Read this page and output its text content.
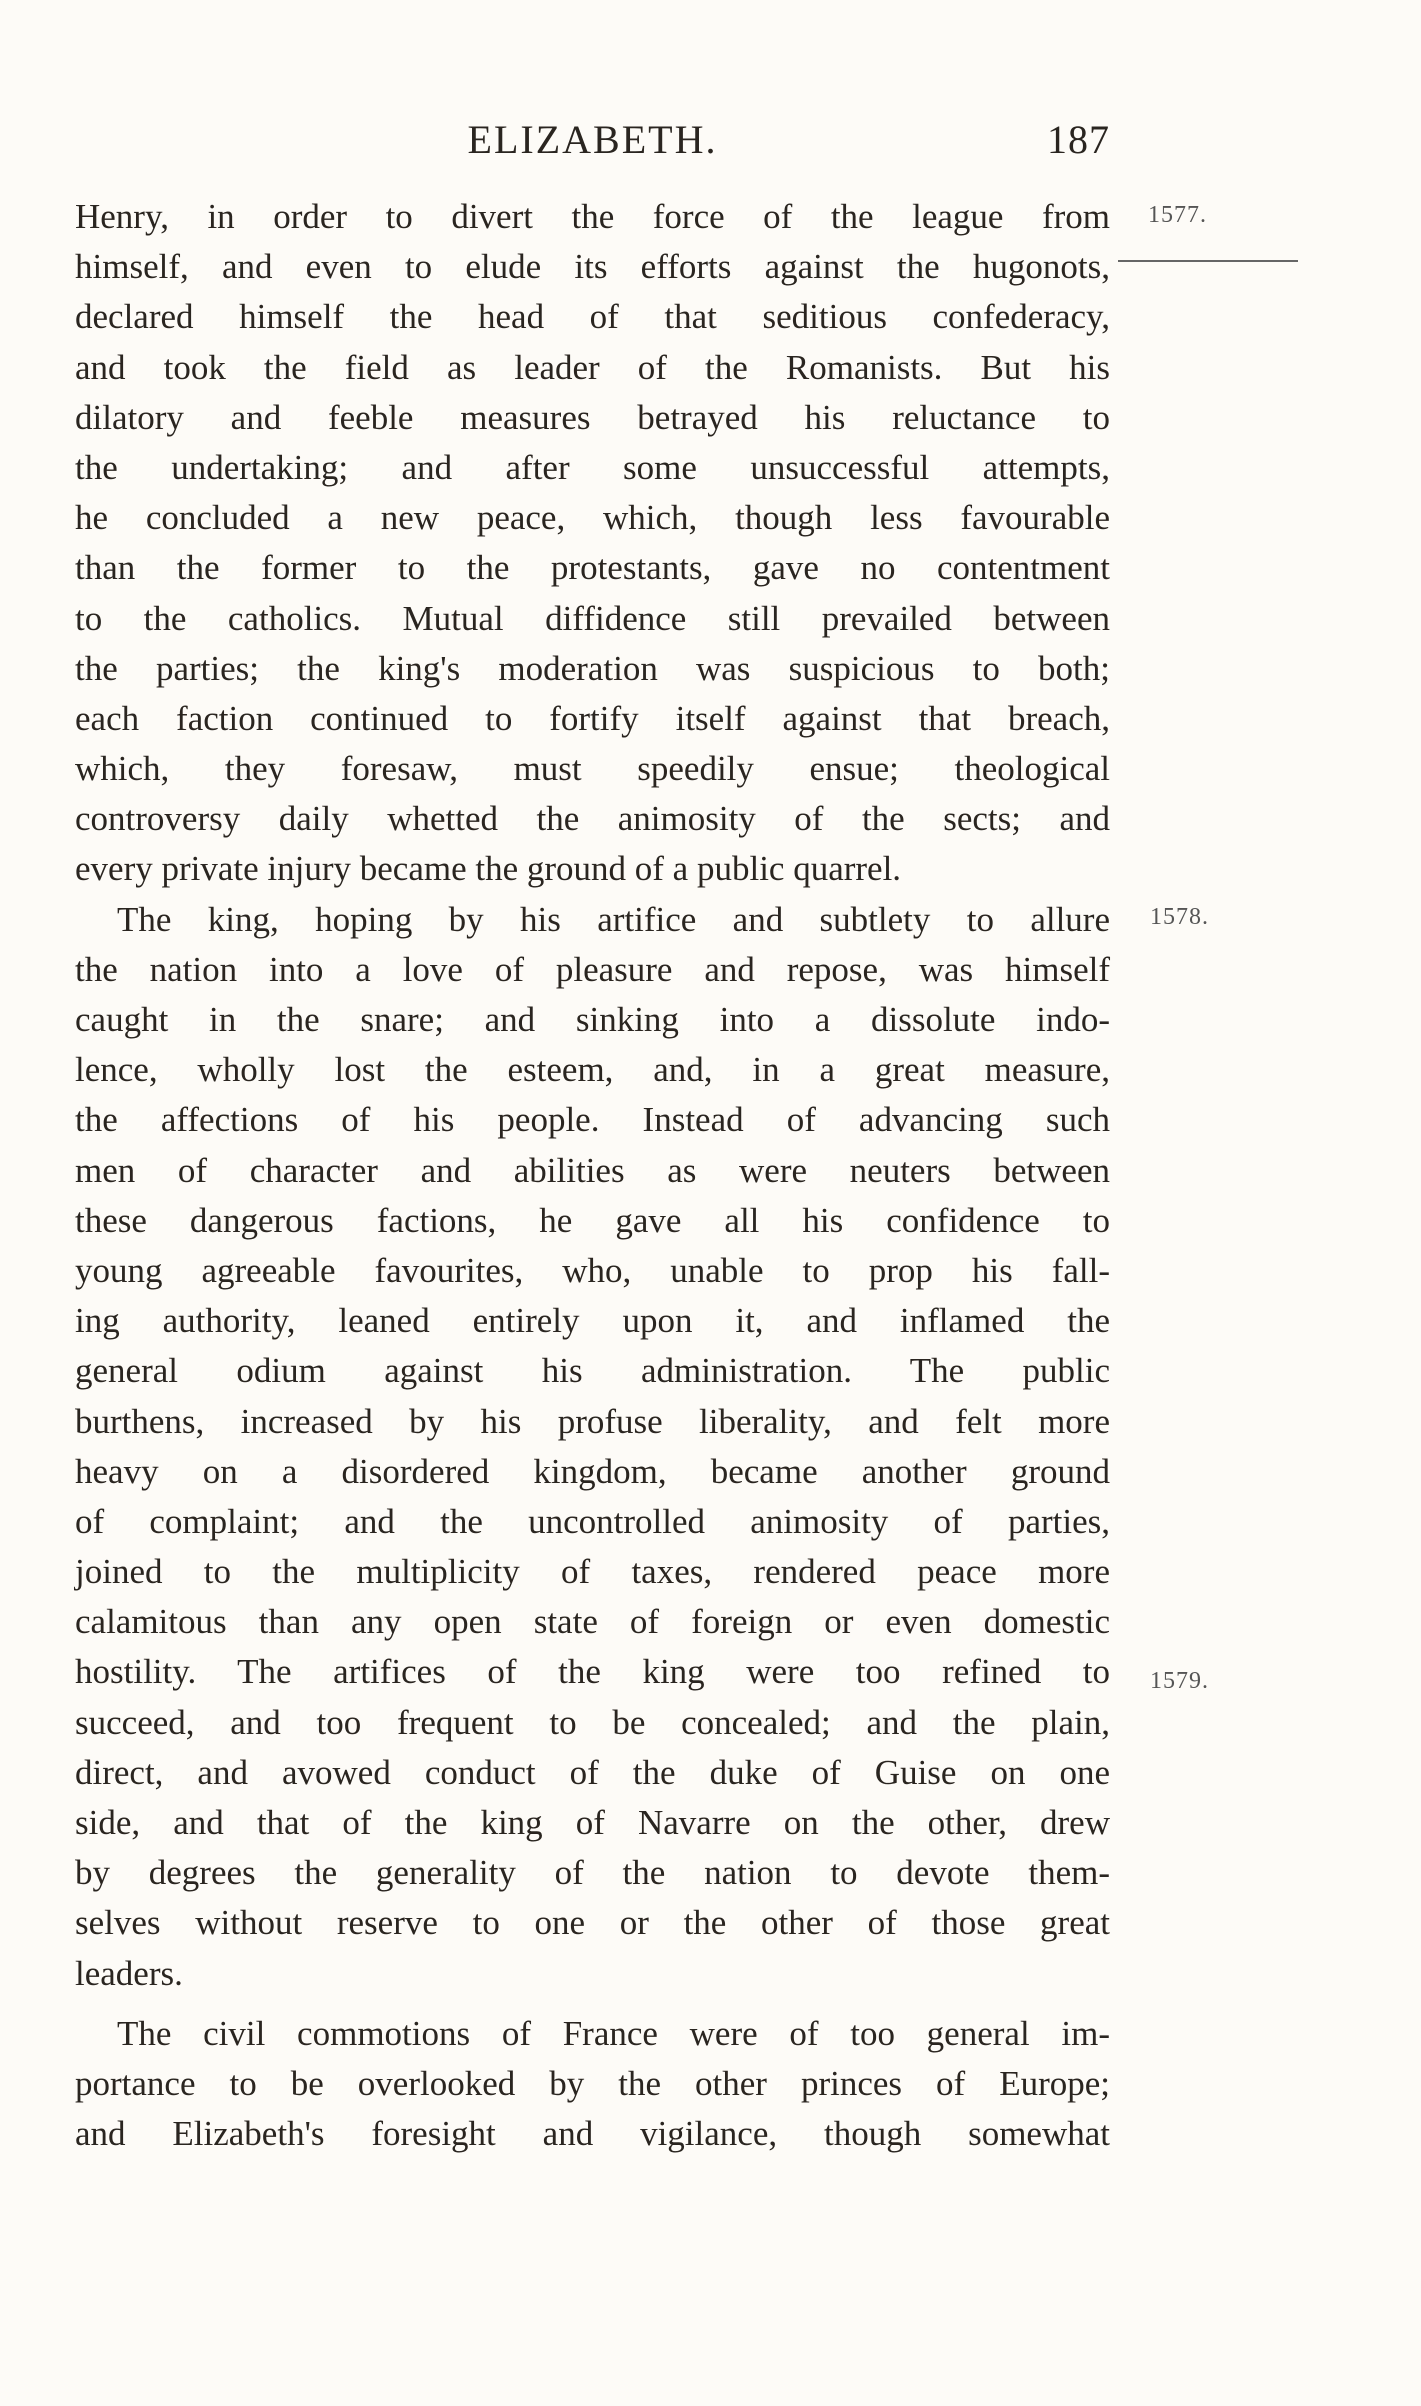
ELIZABETH.	187
1577.
1578.
1579.
Henry, in order to divert the force of the league from
himself, and even to elude its efforts against the hugonots,
declared himself the head of that seditious confederacy,
and took the field as leader of the Romanists. But his
dilatory and feeble measures betrayed his reluctance to
the undertaking; and after some unsuccessful attempts,
he concluded a new peace, which, though less favourable
than the former to the protestants, gave no contentment
to the catholics. Mutual diffidence still prevailed between
the parties; the king's moderation was suspicious to both;
each faction continued to fortify itself against that breach,
which, they foresaw, must speedily ensue; theological
controversy daily whetted the animosity of the sects; and
every private injury became the ground of a public quarrel.
The king, hoping by his artifice and subtlety to allure
the nation into a love of pleasure and repose, was himself
caught in the snare; and sinking into a dissolute indo-
lence, wholly lost the esteem, and, in a great measure,
the affections of his people. Instead of advancing such
men of character and abilities as were neuters between
these dangerous factions, he gave all his confidence to
young agreeable favourites, who, unable to prop his fall-
ing authority, leaned entirely upon it, and inflamed the
general odium against his administration. The public
burthens, increased by his profuse liberality, and felt more
heavy on a disordered kingdom, became another ground
of complaint; and the uncontrolled animosity of parties,
joined to the multiplicity of taxes, rendered peace more
calamitous than any open state of foreign or even domestic
hostility. The artifices of the king were too refined to
succeed, and too frequent to be concealed; and the plain,
direct, and avowed conduct of the duke of Guise on one
side, and that of the king of Navarre on the other, drew
by degrees the generality of the nation to devote them-
selves without reserve to one or the other of those great
leaders.
The civil commotions of France were of too general im-
portance to be overlooked by the other princes of Europe;
and Elizabeth's foresight and vigilance, though somewhat
